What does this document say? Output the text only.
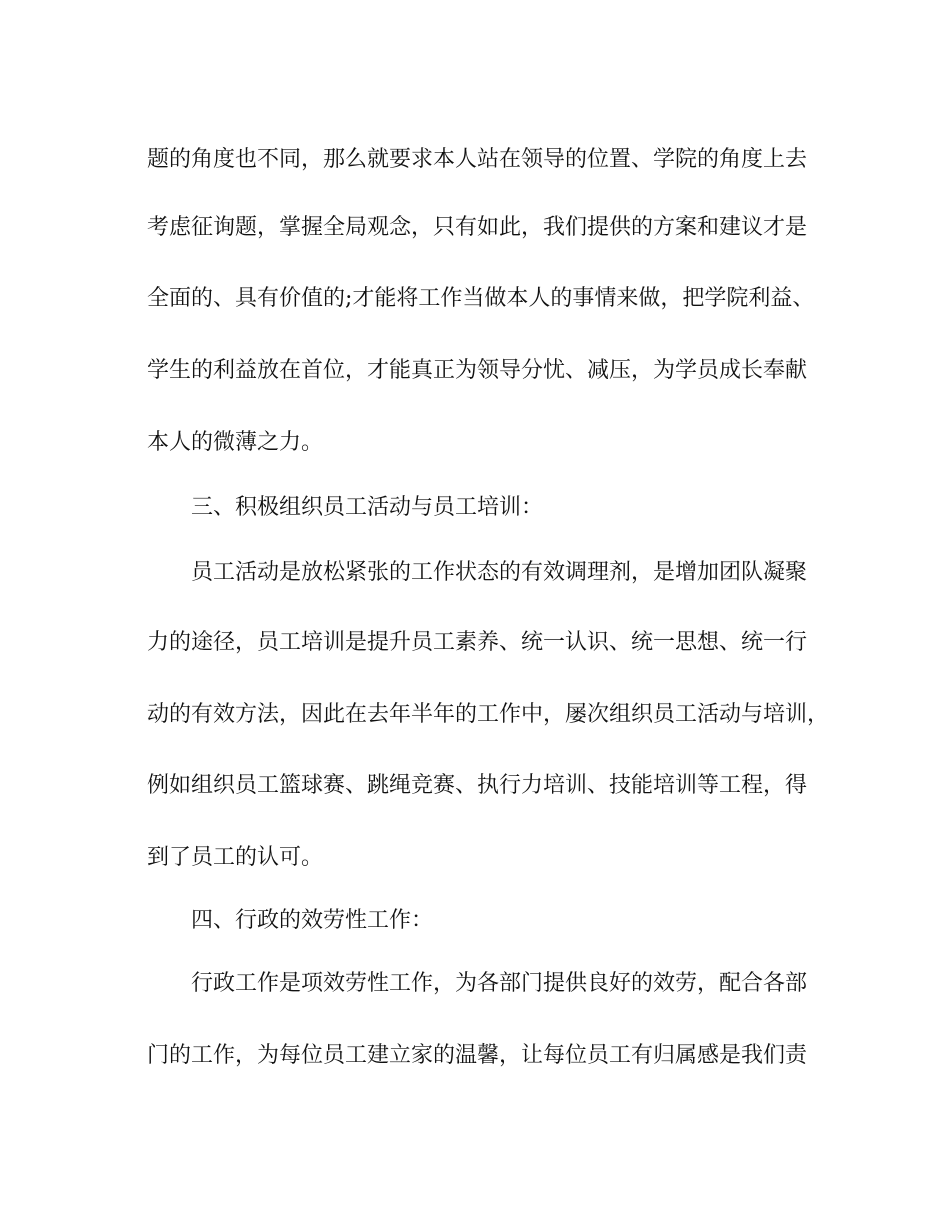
题的角度也不同，那么就要求本人站在领导的位置、学院的角度上去
考虑征询题，掌握全局观念，只有如此，我们提供的方案和建议才是
全面的、具有价值的;才能将工作当做本人的事情来做，把学院利益、
学生的利益放在首位，才能真正为领导分忧、减压，为学员成长奉献
本人的微薄之力。
三、积极组织员工活动与员工培训：
员工活动是放松紧张的工作状态的有效调理剂，是增加团队凝聚
力的途径，员工培训是提升员工素养、统一认识、统一思想、统一行
动的有效方法，因此在去年半年的工作中，屡次组织员工活动与培训，
例如组织员工篮球赛、跳绳竞赛、执行力培训、技能培训等工程，得
到了员工的认可。
四、行政的效劳性工作：
行政工作是项效劳性工作，为各部门提供良好的效劳，配合各部
门的工作，为每位员工建立家的温馨，让每位员工有归属感是我们责
